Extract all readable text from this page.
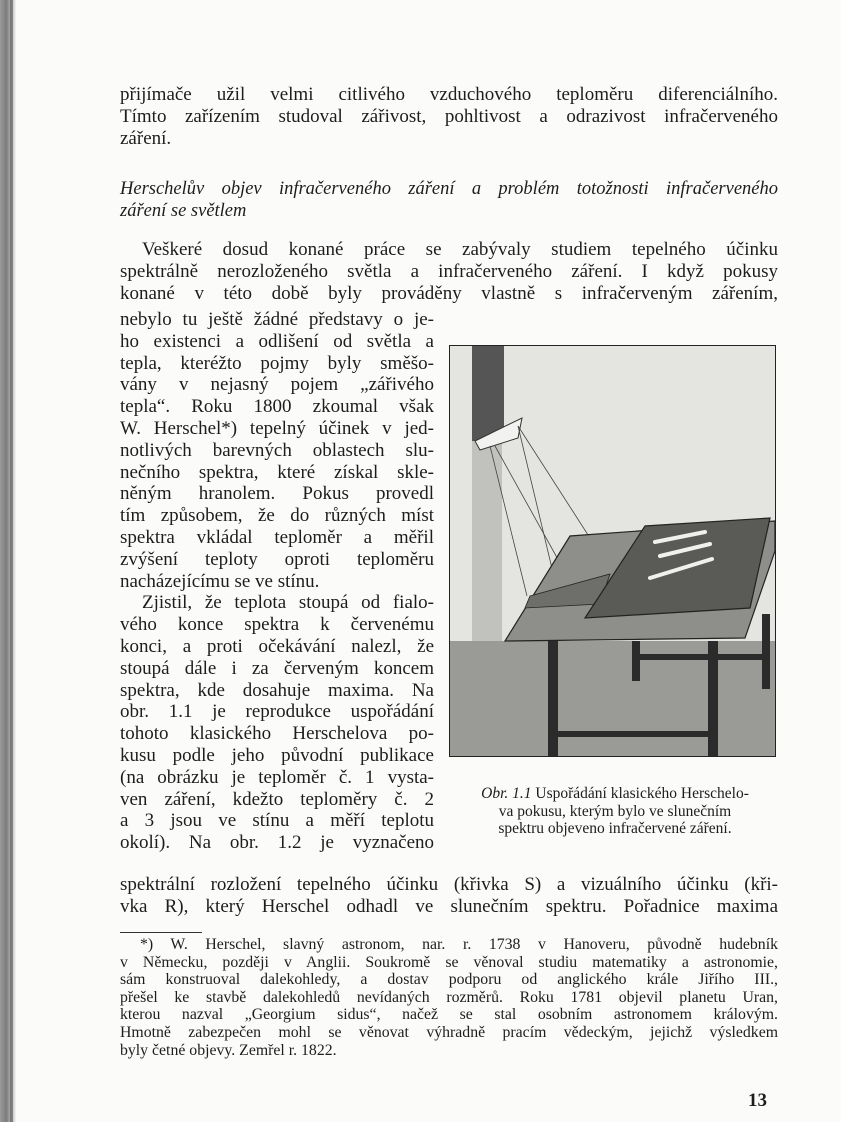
přijímače užil velmi citlivého vzduchového teploměru diferenciálního.
Tímto zařízením studoval zářivost, pohltivost a odrazivost infračerveného
záření.

Herschelův objev infračerveného záření a problém totožnosti infračerveného
záření se světlem

Veškeré dosud konané práce se zabývaly studiem tepelného účinku
spektrálně nerozloženého světla a infračerveného záření. I když pokusy
konané v této době byly prováděny vlastně s infračerveným zářením,

nebylo tu ještě žádné představy o je-
ho existenci a odlišení od světla a
tepla, kteréžto pojmy byly směšo-
vány v nejasný pojem „zářivého
tepla“. Roku 1800 zkoumal však
W. Herschel*) tepelný účinek v jed-
notlivých barevných oblastech slu-
nečního spektra, které získal skle-
něným hranolem. Pokus provedl
tím způsobem, že do různých míst
spektra vkládal teploměr a měřil
zvýšení teploty oproti teploměru
nacházejícímu se ve stínu.
Zjistil, že teplota stoupá od fialo-
vého konce spektra k červenému
konci, a proti očekávání nalezl, že
stoupá dále i za červeným koncem
spektra, kde dosahuje maxima. Na
obr. 1.1 je reprodukce uspořádání
tohoto klasického Herschelova po-
kusu podle jeho původní publikace
(na obrázku je teploměr č. 1 vysta-
ven záření, kdežto teploměry č. 2
a 3 jsou ve stínu a měří teplotu
okolí). Na obr. 1.2 je vyznačeno
Obr. 1.1 Uspořádání klasického Herschelo-
va pokusu, kterým bylo ve slunečním
spektru objeveno infračervené záření.

spektrální rozložení tepelného účinku (křivka S) a vizuálního účinku (kři-
vka R), který Herschel odhadl ve slunečním spektru. Pořadnice maxima

*) W. Herschel, slavný astronom, nar. r. 1738 v Hanoveru, původně hudebník
v Německu, později v Anglii. Soukromě se věnoval studiu matematiky a astronomie,
sám konstruoval dalekohledy, a dostav podporu od anglického krále Jiřího III.,
přešel ke stavbě dalekohledů nevídaných rozměrů. Roku 1781 objevil planetu Uran,
kterou nazval „Georgium sidus“, načež se stal osobním astronomem královým.
Hmotně zabezpečen mohl se věnovat výhradně pracím vědeckým, jejichž výsledkem
byly četné objevy. Zemřel r. 1822.
13
